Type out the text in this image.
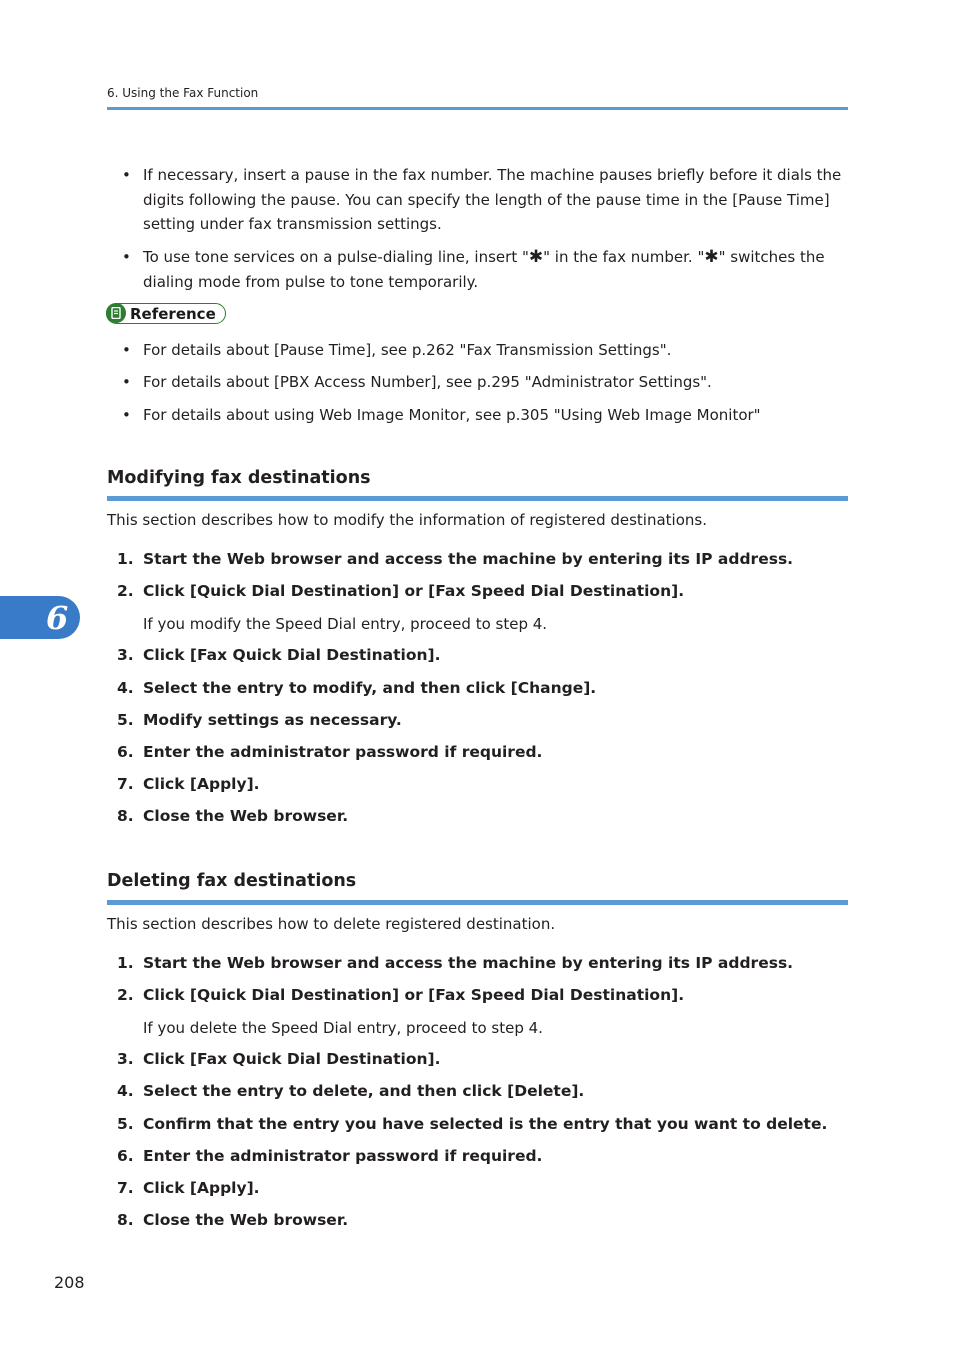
6. Using the Fax Function
• If necessary, insert a pause in the fax number. The machine pauses briefly before it dials the digits following the pause. You can specify the length of the pause time in the [Pause Time] setting under fax transmission settings.
• To use tone services on a pulse-dialing line, insert "✱" in the fax number. "✱" switches the dialing mode from pulse to tone temporarily.
Reference
• For details about [Pause Time], see p.262 "Fax Transmission Settings".
• For details about [PBX Access Number], see p.295 "Administrator Settings".
• For details about using Web Image Monitor, see p.305 "Using Web Image Monitor"
Modifying fax destinations
This section describes how to modify the information of registered destinations.
1. Start the Web browser and access the machine by entering its IP address.
2. Click [Quick Dial Destination] or [Fax Speed Dial Destination].
If you modify the Speed Dial entry, proceed to step 4.
3. Click [Fax Quick Dial Destination].
4. Select the entry to modify, and then click [Change].
5. Modify settings as necessary.
6. Enter the administrator password if required.
7. Click [Apply].
8. Close the Web browser.
Deleting fax destinations
This section describes how to delete registered destination.
1. Start the Web browser and access the machine by entering its IP address.
2. Click [Quick Dial Destination] or [Fax Speed Dial Destination].
If you delete the Speed Dial entry, proceed to step 4.
3. Click [Fax Quick Dial Destination].
4. Select the entry to delete, and then click [Delete].
5. Confirm that the entry you have selected is the entry that you want to delete.
6. Enter the administrator password if required.
7. Click [Apply].
8. Close the Web browser.
6
208
